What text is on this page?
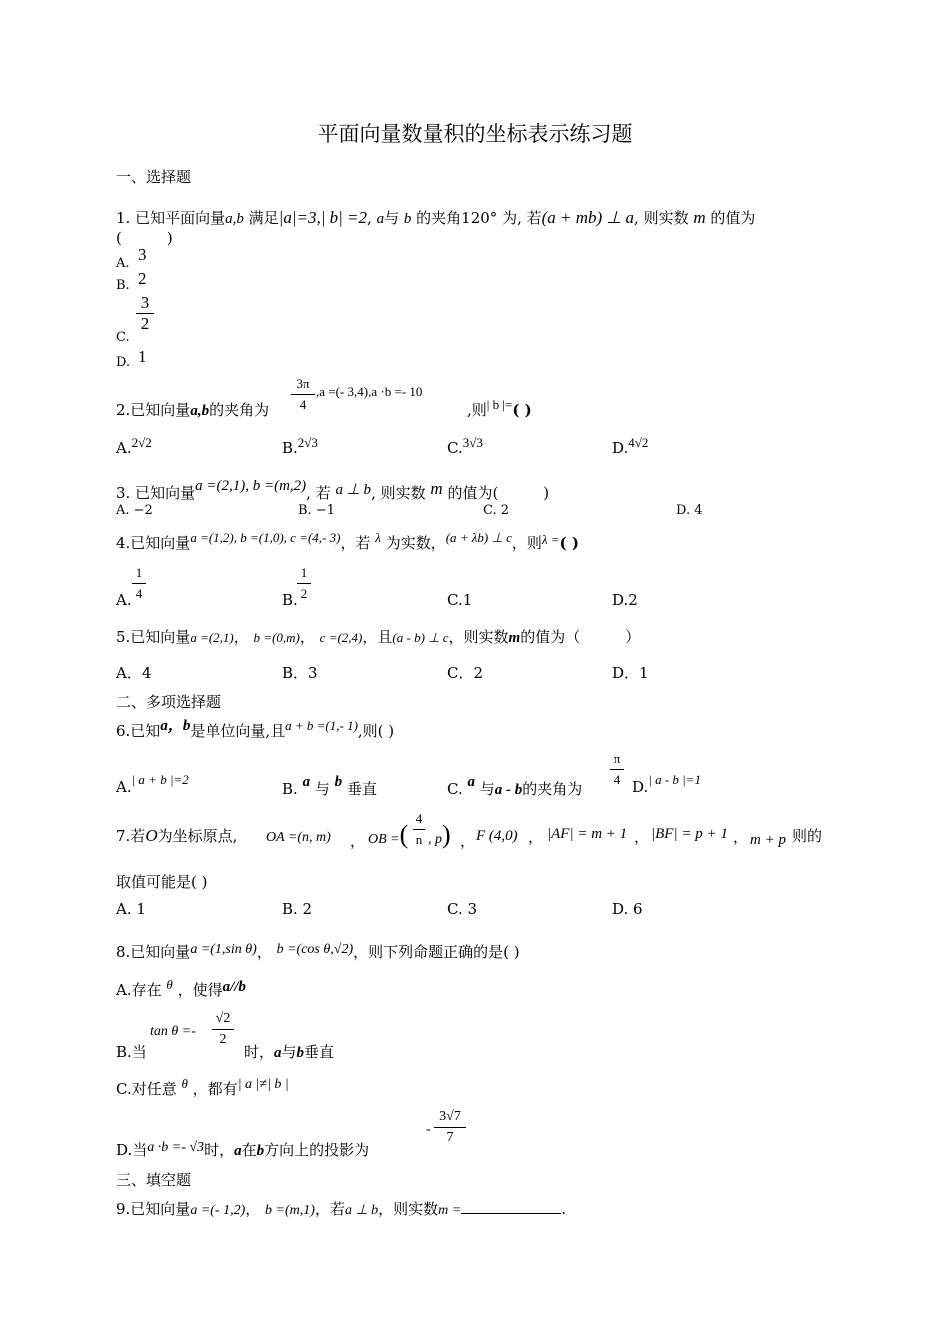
平面向量数量积的坐标表示练习题
一、选择题
1. 已知平面向量a,b 满足|a|=3,| b| =2, a与 b 的夹角120° 为, 若(a + mb) ⊥ a, 则实数 m 的值为
(　　　)
A. 3
B. 2
C.
3
2
D. 1
2.已知向量a,b的夹角为
3π
4
,a =(- 3,4),a ·b =- 10
,则| b |=( )
A.2√2	B.2√3	C.3√3	D.4√2
3. 已知向量a =(2,1), b =(m,2), 若 a ⊥ b, 则实数 m 的值为(　　　)
A. −2	B. −1	C. 2	D. 4
4.已知向量a =(1,2), b =(1,0), c =(4,- 3)，若 λ 为实数，(a + λb) ⊥ c，则λ =( )
A.
1
4	B.
1
2	C.1	D.2
5.已知向量a =(2,1)， b =(0,m)， c =(2,4)，且(a - b) ⊥ c，则实数m的值为（　　　）
A．4	B．3	C．2	D．1
二、多项选择题
6.已知a，b是单位向量,且a + b =(1,- 1),则( )
A.| a + b |=2
B. a 与 b 垂直	C. a 与a - b的夹角为
π
4 D.| a - b |=1
7.若O为坐标原点, OA =(n, m) ， OB =(
4
n , p) ， F (4,0) ， |AF| = m + 1 ， |BF| = p + 1 ， m + p 则的
取值可能是( )
A. 1	B. 2	C. 3	D. 6
8.已知向量a =(1,sin θ)， b =(cos θ,√2)，则下列命题正确的是( )
A.存在 θ ，使得a//b
B.当
tan θ =-
√2
2
时，a与b垂直
C.对任意 θ ，都有| a |≠| b |
D.当a ·b =- √3时，a在b方向上的投影为
-
3√7
7
三、填空题
9.已知向量a =(- 1,2)， b =(m,1)，若a ⊥ b，则实数m =	.
